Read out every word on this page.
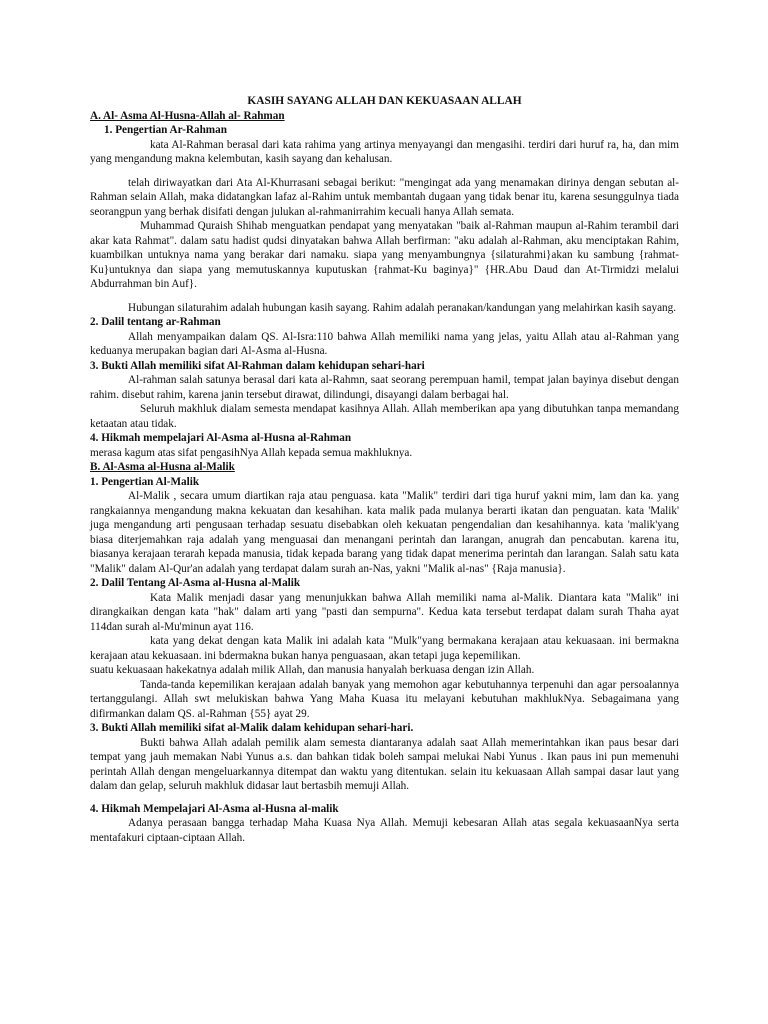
KASIH SAYANG ALLAH DAN KEKUASAAN ALLAH

A. Al- Asma Al-Husna-Allah al- Rahman

1. Pengertian Ar-Rahman

kata Al-Rahman berasal dari kata rahima yang artinya menyayangi dan mengasihi. terdiri dari huruf ra, ha, dan mim yang mengandung makna kelembutan, kasih sayang dan kehalusan.

telah diriwayatkan dari Ata Al-Khurrasani sebagai berikut: "mengingat ada yang menamakan dirinya dengan sebutan al-Rahman selain Allah, maka didatangkan lafaz al-Rahim untuk membantah dugaan yang tidak benar itu, karena sesunggulnya tiada seorangpun yang berhak disifati dengan julukan al-rahmanirrahim kecuali hanya Allah semata.

Muhammad Quraish Shihab menguatkan pendapat yang menyatakan "baik al-Rahman maupun al-Rahim terambil dari akar kata Rahmat". dalam satu hadist qudsi dinyatakan bahwa Allah berfirman: "aku adalah al-Rahman, aku menciptakan Rahim, kuambilkan untuknya nama yang berakar dari namaku. siapa yang menyambungnya {silaturahmi}akan ku sambung {rahmat-Ku}untuknya dan siapa yang memutuskannya kuputuskan {rahmat-Ku baginya}" {HR.Abu Daud dan At-Tirmidzi melalui Abdurrahman bin Auf}.

Hubungan silaturahim adalah hubungan kasih sayang. Rahim adalah peranakan/kandungan yang melahirkan kasih sayang.

2. Dalil tentang ar-Rahman

Allah menyampaikan dalam QS. Al-Isra:110 bahwa Allah memiliki nama yang jelas, yaitu Allah atau al-Rahman yang keduanya merupakan bagian dari Al-Asma al-Husna.

3. Bukti Allah memiliki sifat Al-Rahman dalam kehidupan sehari-hari

Al-rahman salah satunya berasal dari kata al-Rahmn, saat seorang perempuan hamil, tempat jalan bayinya disebut dengan rahim. disebut rahim, karena janin tersebut dirawat, dilindungi, disayangi dalam berbagai hal.

Seluruh makhluk dialam semesta mendapat kasihnya Allah. Allah memberikan apa yang dibutuhkan tanpa memandang ketaatan atau tidak.

4. Hikmah mempelajari Al-Asma al-Husna al-Rahman

merasa kagum atas sifat pengasihNya Allah kepada semua makhluknya.

B. Al-Asma al-Husna al-Malik

1. Pengertian Al-Malik

Al-Malik , secara umum diartikan raja atau penguasa. kata "Malik" terdiri dari tiga huruf yakni mim, lam dan ka. yang rangkaiannya mengandung makna kekuatan dan kesahihan. kata malik pada mulanya berarti ikatan dan penguatan. kata 'Malik' juga mengandung arti pengusaan terhadap sesuatu disebabkan oleh kekuatan pengendalian dan kesahihannya. kata 'malik'yang biasa diterjemahkan raja adalah yang menguasai dan menangani perintah dan larangan, anugrah dan pencabutan. karena itu, biasanya kerajaan terarah kepada manusia, tidak kepada barang yang tidak dapat menerima perintah dan larangan. Salah satu kata "Malik" dalam Al-Qur'an adalah yang terdapat dalam surah an-Nas, yakni "Malik al-nas" {Raja manusia}.

2. Dalil Tentang Al-Asma al-Husna al-Malik

Kata Malik menjadi dasar yang menunjukkan bahwa Allah memiliki nama al-Malik. Diantara kata "Malik" ini dirangkaikan dengan kata "hak" dalam arti yang "pasti dan sempurna". Kedua kata tersebut terdapat dalam surah Thaha ayat 114dan surah al-Mu'minun ayat 116.

kata yang dekat dengan kata Malik ini adalah kata "Mulk"yang bermakana kerajaan atau kekuasaan. ini bermakna kerajaan atau kekuasaan. ini bdermakna bukan hanya penguasaan, akan tetapi juga kepemilikan.

suatu kekuasaan hakekatnya adalah milik Allah, dan manusia hanyalah berkuasa dengan izin Allah.

Tanda-tanda kepemilikan kerajaan adalah banyak yang memohon agar kebutuhannya terpenuhi dan agar persoalannya tertanggulangi. Allah swt melukiskan bahwa Yang Maha Kuasa itu melayani kebutuhan makhlukNya. Sebagaimana yang difirmankan dalam QS. al-Rahman {55} ayat 29.

3. Bukti Allah memiliki sifat al-Malik dalam kehidupan sehari-hari.

Bukti bahwa Allah adalah pemilik alam semesta diantaranya adalah saat Allah memerintahkan ikan paus besar dari tempat yang jauh memakan Nabi Yunus a.s. dan bahkan tidak boleh sampai melukai Nabi Yunus . Ikan paus ini pun memenuhi perintah Allah dengan mengeluarkannya ditempat dan waktu yang ditentukan. selain itu kekuasaan Allah sampai dasar laut yang dalam dan gelap, seluruh makhluk didasar laut bertasbih memuji Allah.

4. Hikmah Mempelajari Al-Asma al-Husna al-malik

Adanya perasaan bangga terhadap Maha Kuasa Nya Allah. Memuji kebesaran Allah atas segala kekuasaanNya serta mentafakuri ciptaan-ciptaan Allah.
